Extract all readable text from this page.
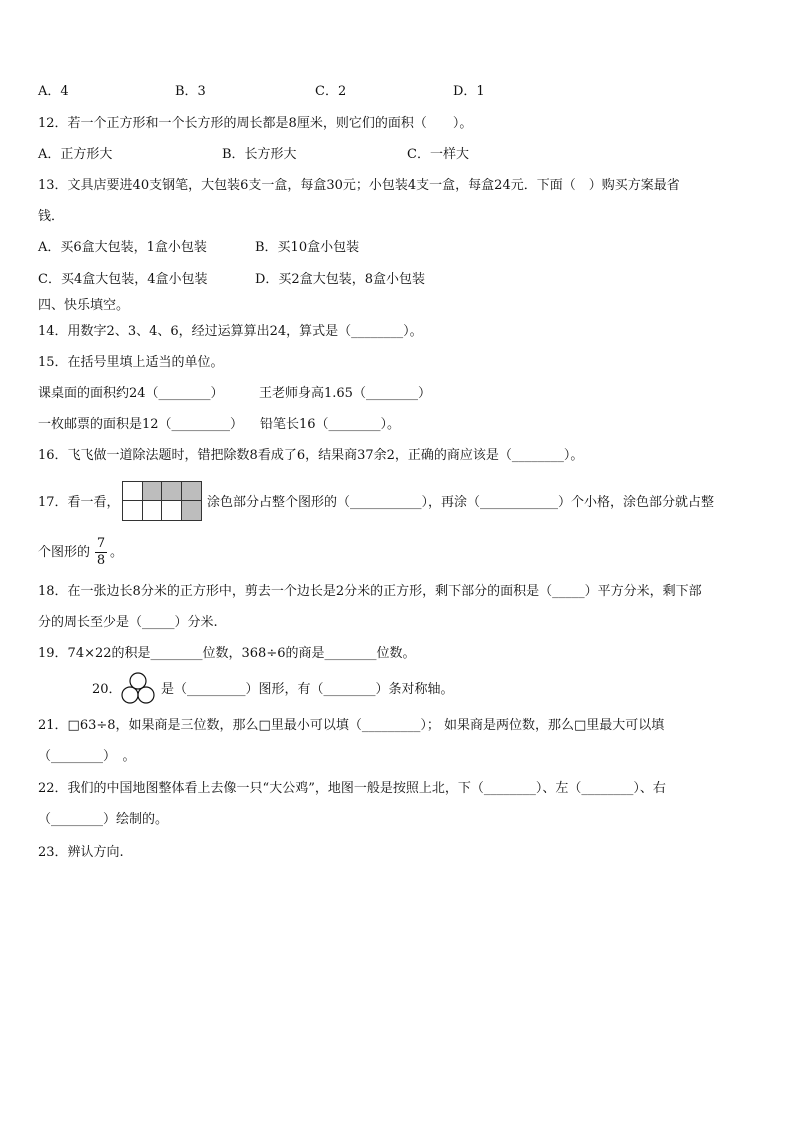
A．4	B．3	C．2	D．1
12．若一个正方形和一个长方形的周长都是8厘米，则它们的面积（　　）。
A．正方形大	B．长方形大	C．一样大
13．文具店要进40支钢笔，大包装6支一盒，每盒30元；小包装4支一盒，每盒24元．下面（　）购买方案最省
钱．
A．买6盒大包装，1盒小包装	B．买10盒小包装
C．买4盒大包装，4盒小包装	D．买2盒大包装，8盒小包装
四、快乐填空。
14．用数字2、3、4、6，经过运算算出24，算式是（________）。
15．在括号里填上适当的单位。
课桌面的面积约24（________）	王老师身高1.65（________）
一枚邮票的面积是12（_________） 铅笔长16（________）。
16．飞飞做一道除法题时，错把除数8看成了6，结果商37余2，正确的商应该是（________）。
17．看一看，	涂色部分占整个图形的（___________），再涂（____________）个小格，涂色部分就占整
个图形的 $\frac{7}{8}$ 。
18．在一张边长8分米的正方形中，剪去一个边长是2分米的正方形，剩下部分的面积是（_____）平方分米，剩下部
分的周长至少是（_____）分米.
19．74×22的积是________位数，368÷6的商是________位数。
20．	是（_________）图形，有（________）条对称轴。
21．□63÷8，如果商是三位数，那么□里最小可以填（_________）； 如果商是两位数，那么□里最大可以填
（________）　。
22．我们的中国地图整体看上去像一只“大公鸡”，地图一般是按照上北，下（________）、左（________）、右
（________）绘制的。
23．辨认方向.
